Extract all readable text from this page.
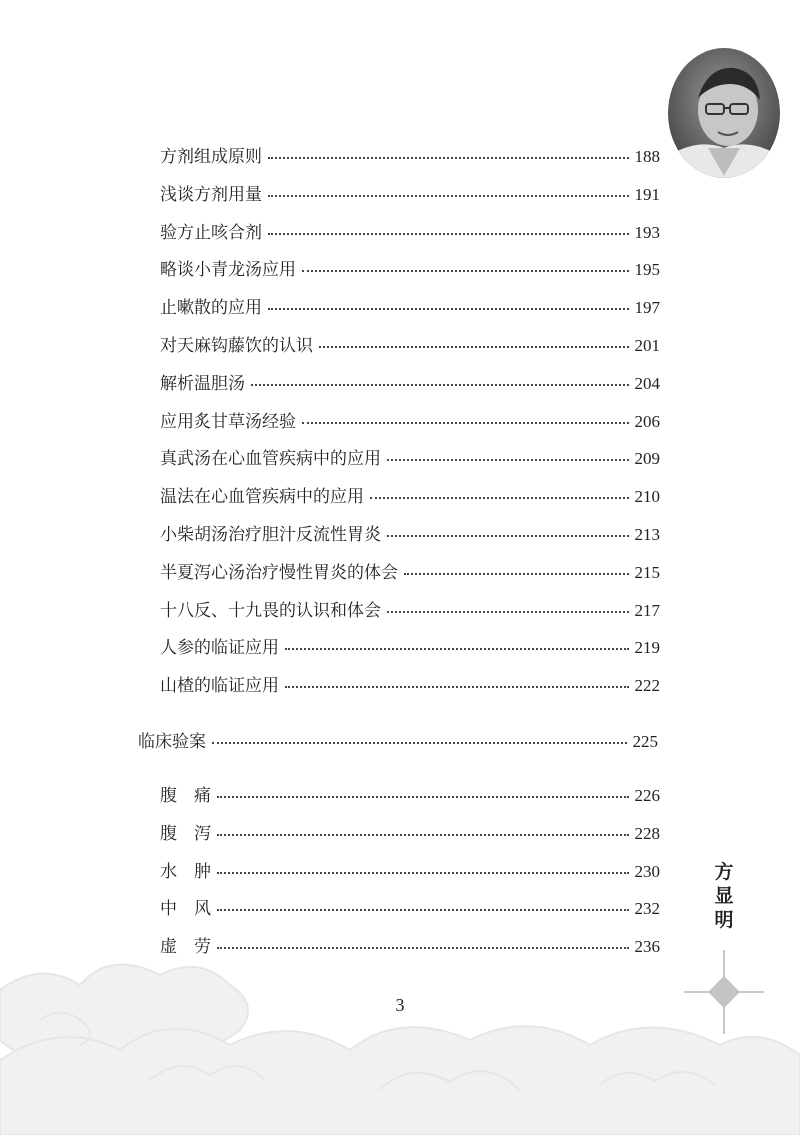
方剂组成原则	188
浅谈方剂用量	191
验方止咳合剂	193
略谈小青龙汤应用	195
止嗽散的应用	197
对天麻钩藤饮的认识	201
解析温胆汤	204
应用炙甘草汤经验	206
真武汤在心血管疾病中的应用	209
温法在心血管疾病中的应用	210
小柴胡汤治疗胆汁反流性胃炎	213
半夏泻心汤治疗慢性胃炎的体会	215
十八反、十九畏的认识和体会	217
人参的临证应用	219
山楂的临证应用	222
临床验案	225
腹　痛	226
腹　泻	228
水　肿	230
中　风	232
虚　劳	236
方
显
明
3
